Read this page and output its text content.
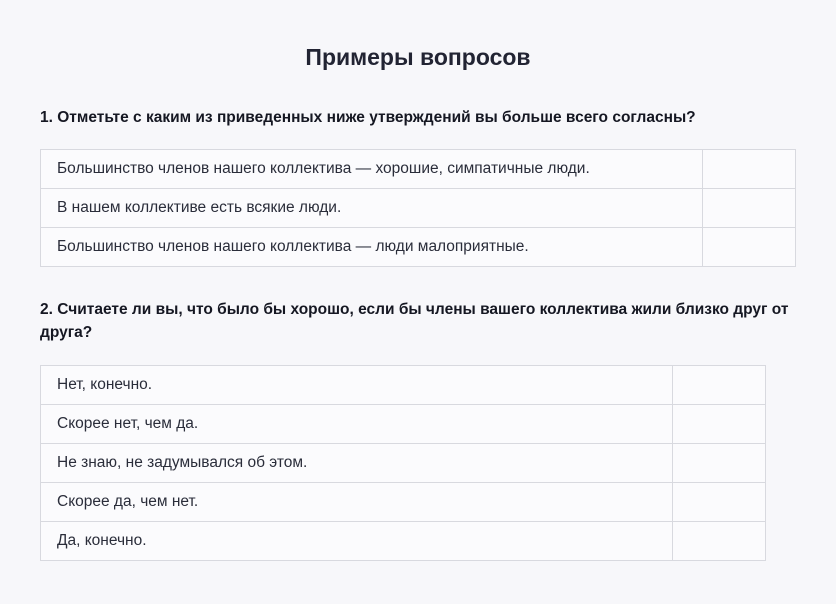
Примеры вопросов

1. Отметьте с каким из приведенных ниже утверждений вы больше всего согласны?

Большинство членов нашего коллектива — хорошие, симпатичные люди.	
В нашем коллективе есть всякие люди.	
Большинство членов нашего коллектива — люди малоприятные.	

2. Считаете ли вы, что было бы хорошо, если бы члены вашего коллектива жили близко друг от друга?

Нет, конечно.	
Скорее нет, чем да.	
Не знаю, не задумывался об этом.	
Скорее да, чем нет.	
Да, конечно.	
